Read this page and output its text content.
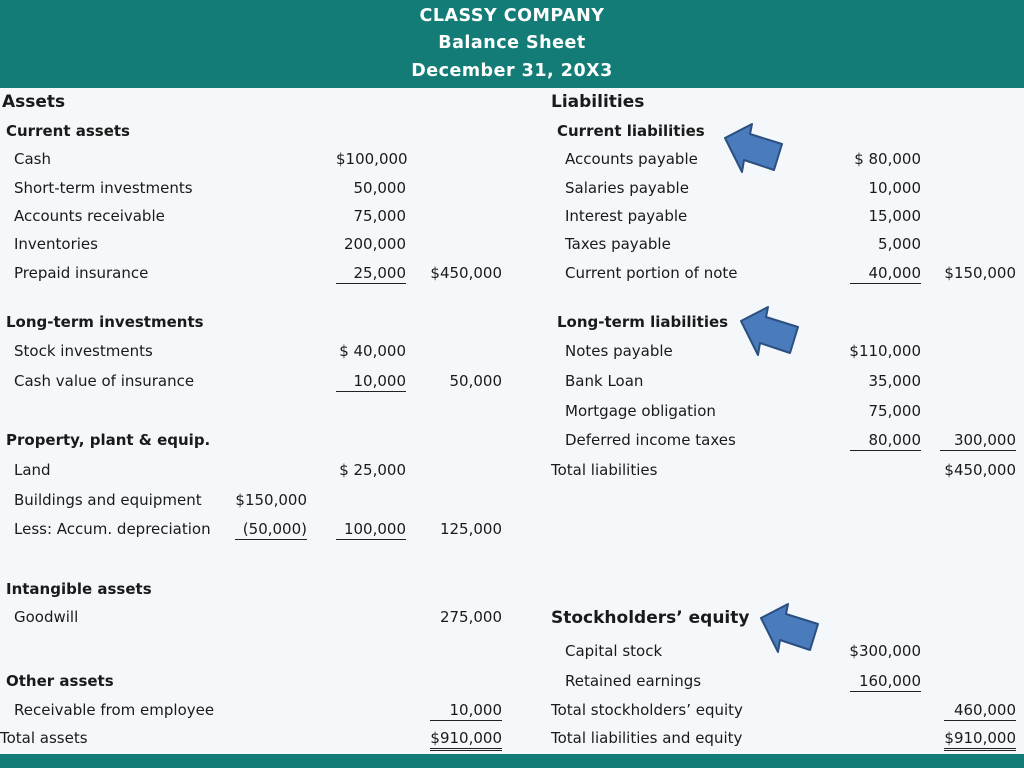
CLASSY COMPANY
Balance Sheet
December 31, 20X3
Assets
Current assets
Cash	$100,000
Short-term investments	50,000
Accounts receivable	75,000
Inventories	200,000
Prepaid insurance	25,000	$450,000
Long-term investments
Stock investments	$ 40,000
Cash value of insurance	10,000	50,000
Property, plant & equip.
Land	$ 25,000
Buildings and equipment $150,000
Less: Accum. depreciation	(50,000)	100,000	125,000
Intangible assets
Goodwill	275,000
Other assets
Receivable from employee	10,000
Total assets	$910,000
Liabilities
Current liabilities
Accounts payable	$ 80,000
Salaries payable	10,000
Interest payable	15,000
Taxes payable	5,000
Current portion of note	40,000	$150,000
Long-term liabilities
Notes payable	$110,000
Bank Loan	35,000
Mortgage obligation	75,000
Deferred income taxes	80,000	300,000
Total liabilities	$450,000
Stockholders’ equity
Capital stock	$300,000
Retained earnings	160,000
Total stockholders’ equity	460,000
Total liabilities and equity	$910,000
